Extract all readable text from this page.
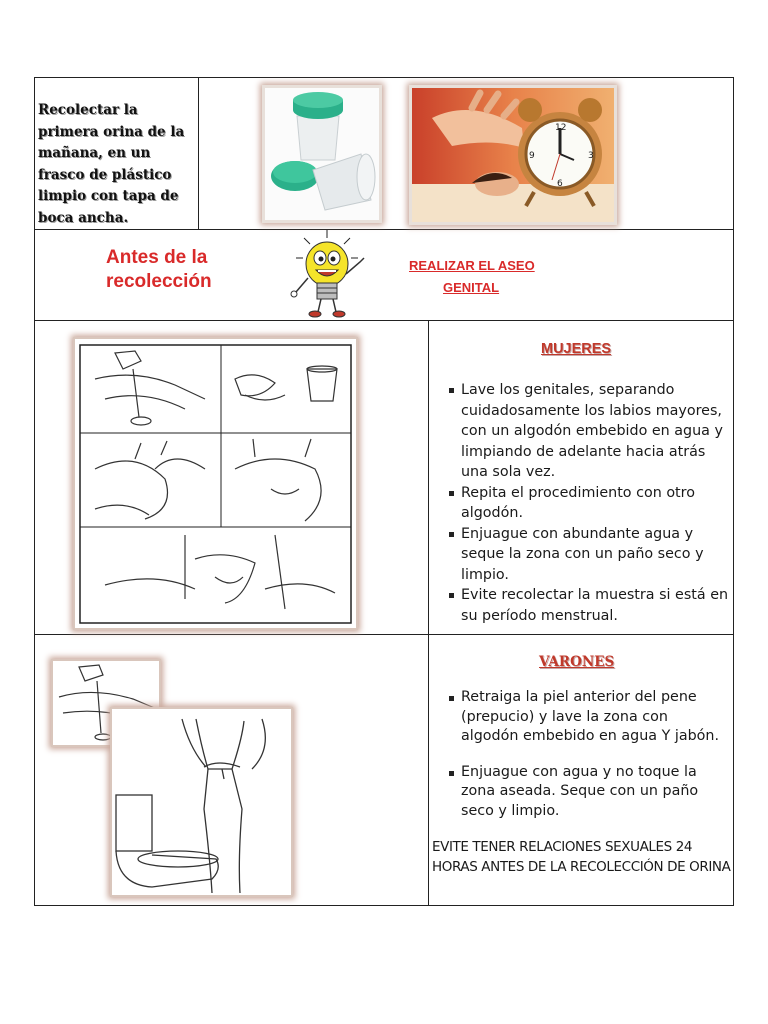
Recolectar la primera orina de la mañana, en un frasco de plástico limpio con tapa de boca ancha.
12
3
6
9
Antes de la
recolección
REALIZAR EL ASEO
GENITAL
MUJERES
Lave los genitales, separando cuidadosamente los labios mayores, con un algodón embebido en agua y limpiando de adelante hacia atrás una sola vez.
Repita el procedimiento con otro algodón.
Enjuague con abundante agua y seque la zona con un paño seco y limpio.
Evite recolectar la muestra si está en su período menstrual.
VARONES
Retraiga la piel anterior del pene (prepucio) y lave la zona con algodón embebido en agua Y jabón.
Enjuague con agua y no toque la zona aseada. Seque con un paño seco y limpio.
EVITE TENER RELACIONES SEXUALES 24 HORAS ANTES DE LA RECOLECCIÓN DE ORINA
